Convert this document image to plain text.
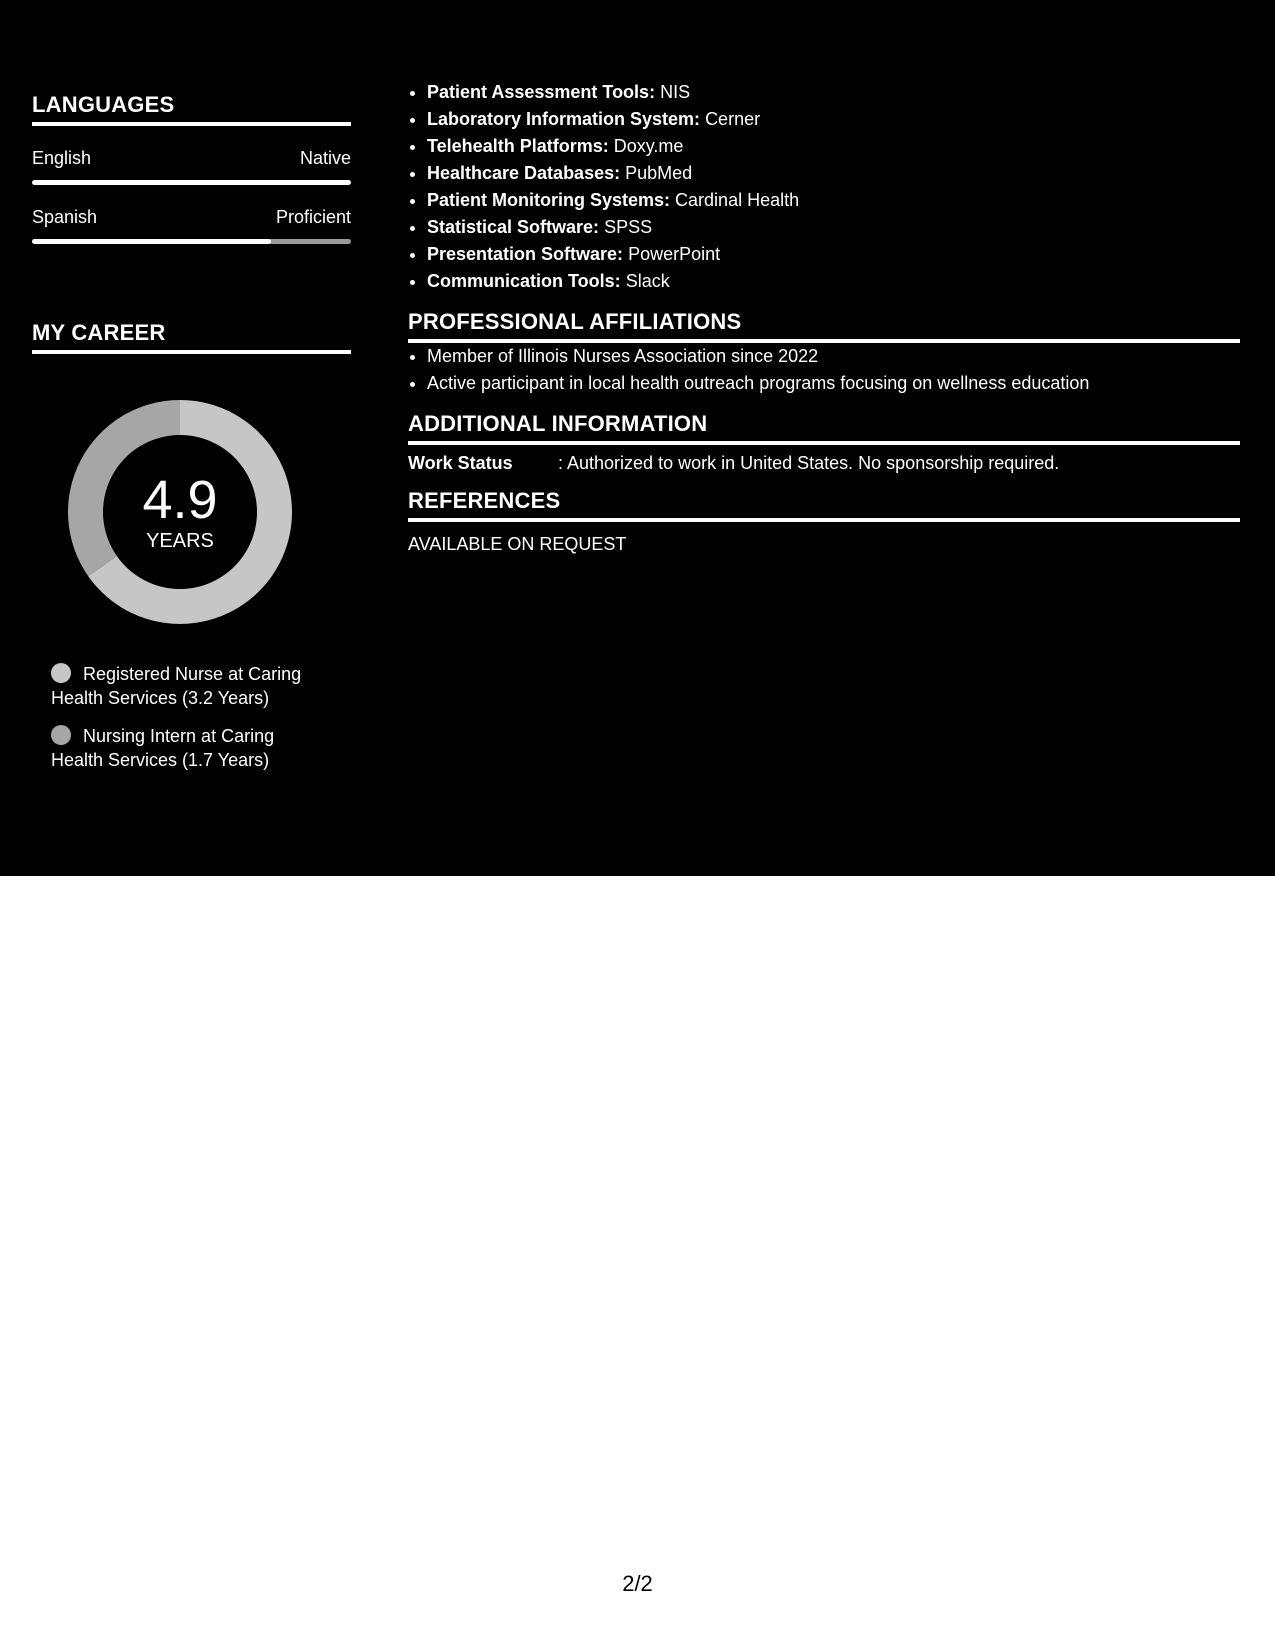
LANGUAGES
English	Native
Spanish	Proficient
MY CAREER
4.9
YEARS
Registered Nurse at Caring Health Services (3.2 Years)
Nursing Intern at Caring Health Services (1.7 Years)
• Patient Assessment Tools: NIS
• Laboratory Information System: Cerner
• Telehealth Platforms: Doxy.me
• Healthcare Databases: PubMed
• Patient Monitoring Systems: Cardinal Health
• Statistical Software: SPSS
• Presentation Software: PowerPoint
• Communication Tools: Slack
PROFESSIONAL AFFILIATIONS
• Member of Illinois Nurses Association since 2022
• Active participant in local health outreach programs focusing on wellness education
ADDITIONAL INFORMATION
Work Status	: Authorized to work in United States. No sponsorship required.
REFERENCES
AVAILABLE ON REQUEST
2/2
